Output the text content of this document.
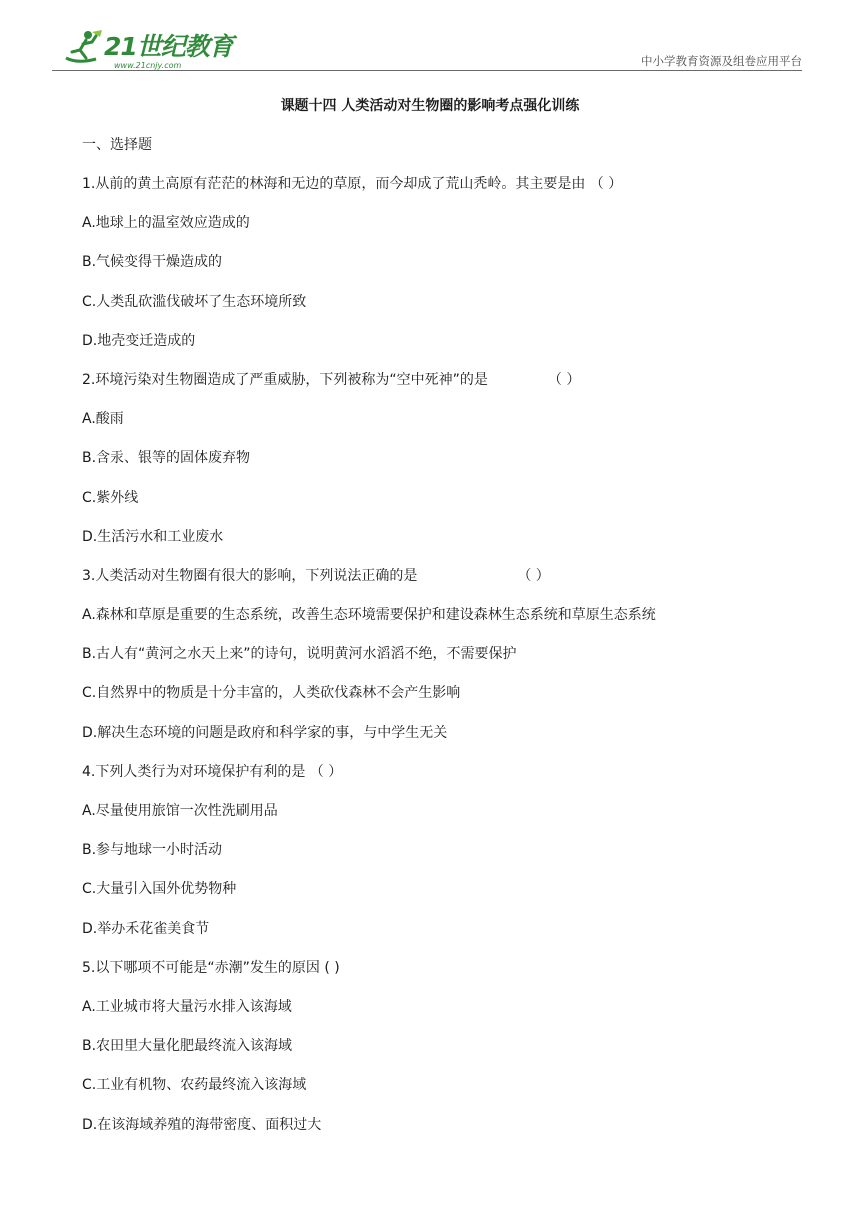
21世纪教育
www.21cnjy.com	中小学教育资源及组卷应用平台
课题十四 人类活动对生物圈的影响考点强化训练
一、选择题
1.从前的黄土高原有茫茫的林海和无边的草原，而今却成了荒山秃岭。其主要是由 （ ）
A.地球上的温室效应造成的
B.气候变得干燥造成的
C.人类乱砍滥伐破坏了生态环境所致
D.地壳变迁造成的
2.环境污染对生物圈造成了严重威胁，下列被称为“空中死神”的是	（ ）
A.酸雨
B.含汞、银等的固体废弃物
C.紫外线
D.生活污水和工业废水
3.人类活动对生物圈有很大的影响，下列说法正确的是	（ ）
A.森林和草原是重要的生态系统，改善生态环境需要保护和建设森林生态系统和草原生态系统
B.古人有“黄河之水天上来”的诗句，说明黄河水滔滔不绝，不需要保护
C.自然界中的物质是十分丰富的，人类砍伐森林不会产生影响
D.解决生态环境的问题是政府和科学家的事，与中学生无关
4.下列人类行为对环境保护有利的是 （ ）
A.尽量使用旅馆一次性洗刷用品
B.参与地球一小时活动
C.大量引入国外优势物种
D.举办禾花雀美食节
5.以下哪项不可能是“赤潮”发生的原因 ( )
A.工业城市将大量污水排入该海域
B.农田里大量化肥最终流入该海域
C.工业有机物、农药最终流入该海域
D.在该海域养殖的海带密度、面积过大
